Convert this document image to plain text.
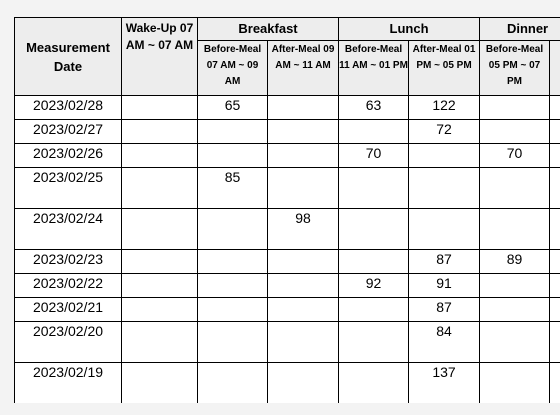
Measurement Date	Wake-Up 07 AM ~ 07 AM	Breakfast		Lunch		Dinner	
		Before-Meal 07 AM ~ 09 AM	After-Meal 09 AM ~ 11 AM	Before-Meal 11 AM ~ 01 PM	After-Meal 01 PM ~ 05 PM	Before-Meal 05 PM ~ 07 PM	
2023/02/28		65		63	122		
2023/02/27					72		
2023/02/26				70		70	
2023/02/25		85					
2023/02/24			98				
2023/02/23					87	89	
2023/02/22				92	91		
2023/02/21					87		
2023/02/20					84		
2023/02/19					137		
